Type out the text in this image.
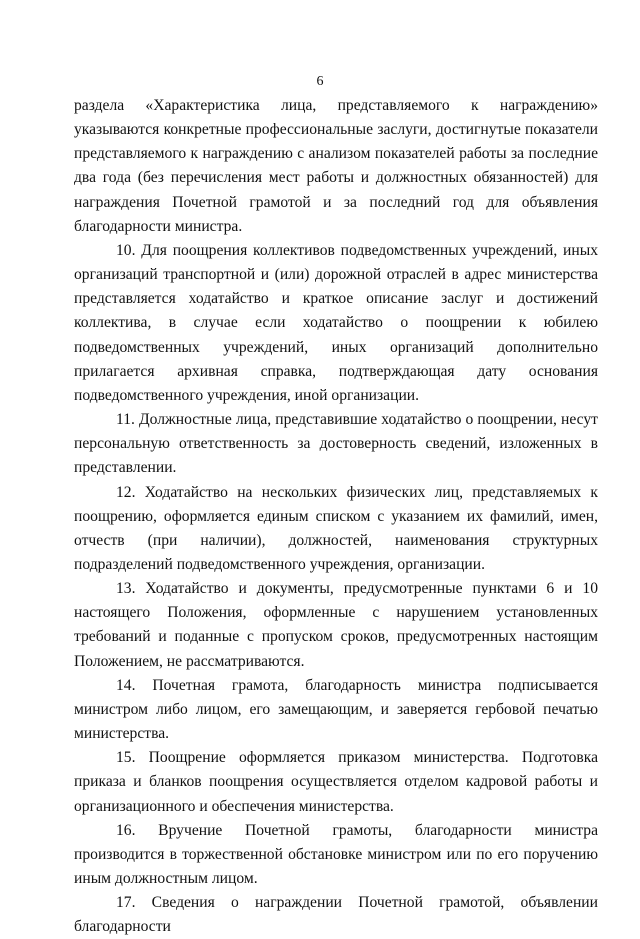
6

раздела «Характеристика лица, представляемого к награждению» указываются конкретные профессиональные заслуги, достигнутые показатели представляемого к награждению с анализом показателей работы за последние два года (без перечисления мест работы и должностных обязанностей) для награждения Почетной грамотой и за последний год для объявления благодарности министра.

10. Для поощрения коллективов подведомственных учреждений, иных организаций транспортной и (или) дорожной отраслей в адрес министерства представляется ходатайство и краткое описание заслуг и достижений коллектива, в случае если ходатайство о поощрении к юбилею подведомственных учреждений, иных организаций дополнительно прилагается архивная справка, подтверждающая дату основания подведомственного учреждения, иной организации.

11. Должностные лица, представившие ходатайство о поощрении, несут персональную ответственность за достоверность сведений, изложенных в представлении.

12. Ходатайство на нескольких физических лиц, представляемых к поощрению, оформляется единым списком с указанием их фамилий, имен, отчеств (при наличии), должностей, наименования структурных подразделений подведомственного учреждения, организации.

13. Ходатайство и документы, предусмотренные пунктами 6 и 10 настоящего Положения, оформленные с нарушением установленных требований и поданные с пропуском сроков, предусмотренных настоящим Положением, не рассматриваются.

14. Почетная грамота, благодарность министра подписывается министром либо лицом, его замещающим, и заверяется гербовой печатью министерства.

15. Поощрение оформляется приказом министерства. Подготовка приказа и бланков поощрения осуществляется отделом кадровой работы и организационного и обеспечения министерства.

16. Вручение Почетной грамоты, благодарности министра производится в торжественной обстановке министром или по его поручению иным должностным лицом.

17. Сведения о награждении Почетной грамотой, объявлении благодарности
